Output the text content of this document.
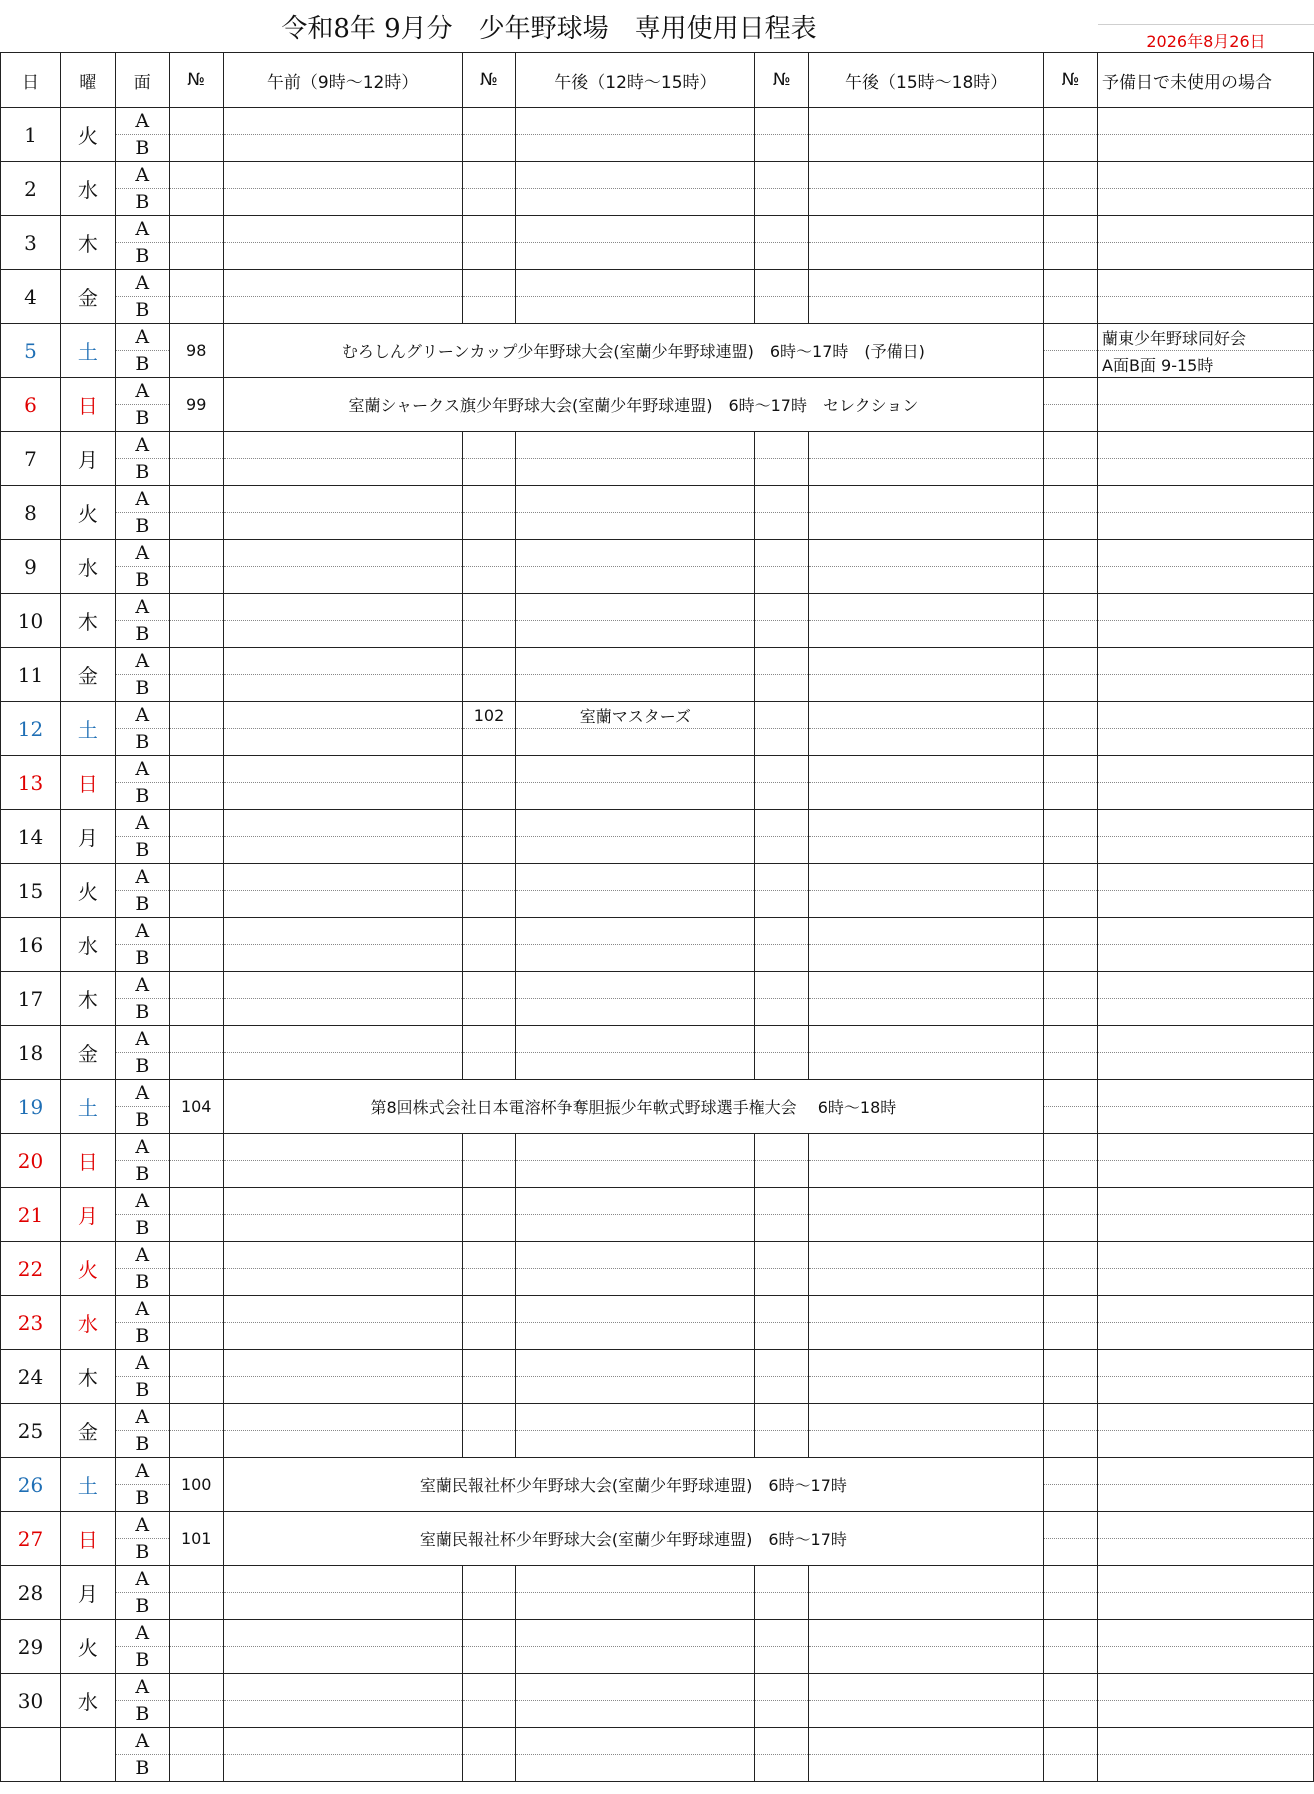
令和8年 9月分　少年野球場　専用使用日程表	2026年8月26日
日	曜	面	№	午前（9時～12時）	№	午後（12時～15時）	№	午後（15時～18時）	№	予備日で未使用の場合
1	火	A								
		B								
2	水	A								
		B								
3	木	A								
		B								
4	金	A								
		B								
5	土	A	98	むろしんグリーンカップ少年野球大会(室蘭少年野球連盟)　6時～17時　(予備日)						蘭東少年野球同好会
		B								A面B面 9-15時
6	日	A	99	室蘭シャークス旗少年野球大会(室蘭少年野球連盟)　6時～17時　セレクション						
		B								
7	月	A								
		B								
8	火	A								
		B								
9	水	A								
		B								
10	木	A								
		B								
11	金	A								
		B								
12	土	A			102	室蘭マスターズ				
		B								
13	日	A								
		B								
14	月	A								
		B								
15	火	A								
		B								
16	水	A								
		B								
17	木	A								
		B								
18	金	A								
		B								
19	土	A	104	第8回株式会社日本電溶杯争奪胆振少年軟式野球選手権大会　 6時～18時						
		B								
20	日	A								
		B								
21	月	A								
		B								
22	火	A								
		B								
23	水	A								
		B								
24	木	A								
		B								
25	金	A								
		B								
26	土	A	100	室蘭民報社杯少年野球大会(室蘭少年野球連盟)　6時～17時						
		B								
27	日	A	101	室蘭民報社杯少年野球大会(室蘭少年野球連盟)　6時～17時						
		B								
28	月	A								
		B								
29	火	A								
		B								
30	水	A								
		B								
		A								
		B								
